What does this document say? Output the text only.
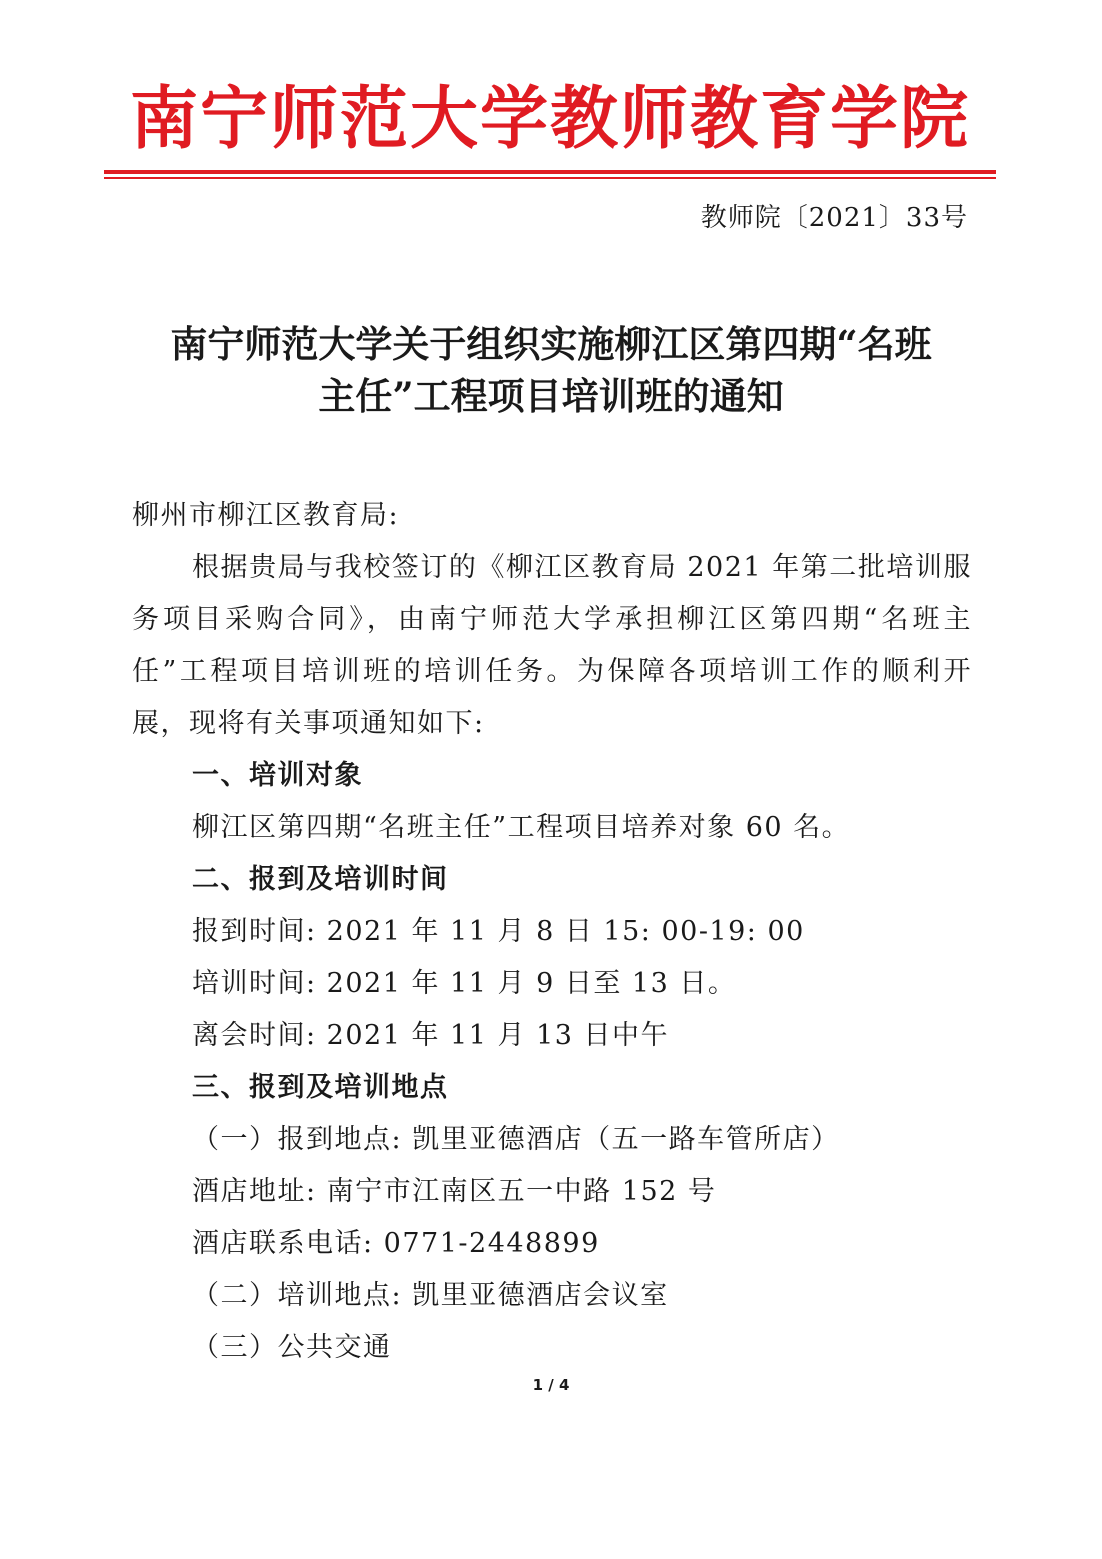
南宁师范大学教师教育学院
教师院〔2021〕33号
南宁师范大学关于组织实施柳江区第四期“名班
主任”工程项目培训班的通知
柳州市柳江区教育局:
根据贵局与我校签订的《柳江区教育局 2021 年第二批培训服
务项目采购合同》，由南宁师范大学承担柳江区第四期“名班主
任”工程项目培训班的培训任务。为保障各项培训工作的顺利开
展，现将有关事项通知如下:
一、培训对象
柳江区第四期“名班主任”工程项目培养对象 60 名。
二、报到及培训时间
报到时间: 2021 年 11 月 8 日 15: 00-19: 00
培训时间: 2021 年 11 月 9 日至 13 日。
离会时间: 2021 年 11 月 13 日中午
三、报到及培训地点
（一）报到地点: 凯里亚德酒店（五一路车管所店）
酒店地址: 南宁市江南区五一中路 152 号
酒店联系电话: 0771-2448899
（二）培训地点: 凯里亚德酒店会议室
（三）公共交通
1 / 4
